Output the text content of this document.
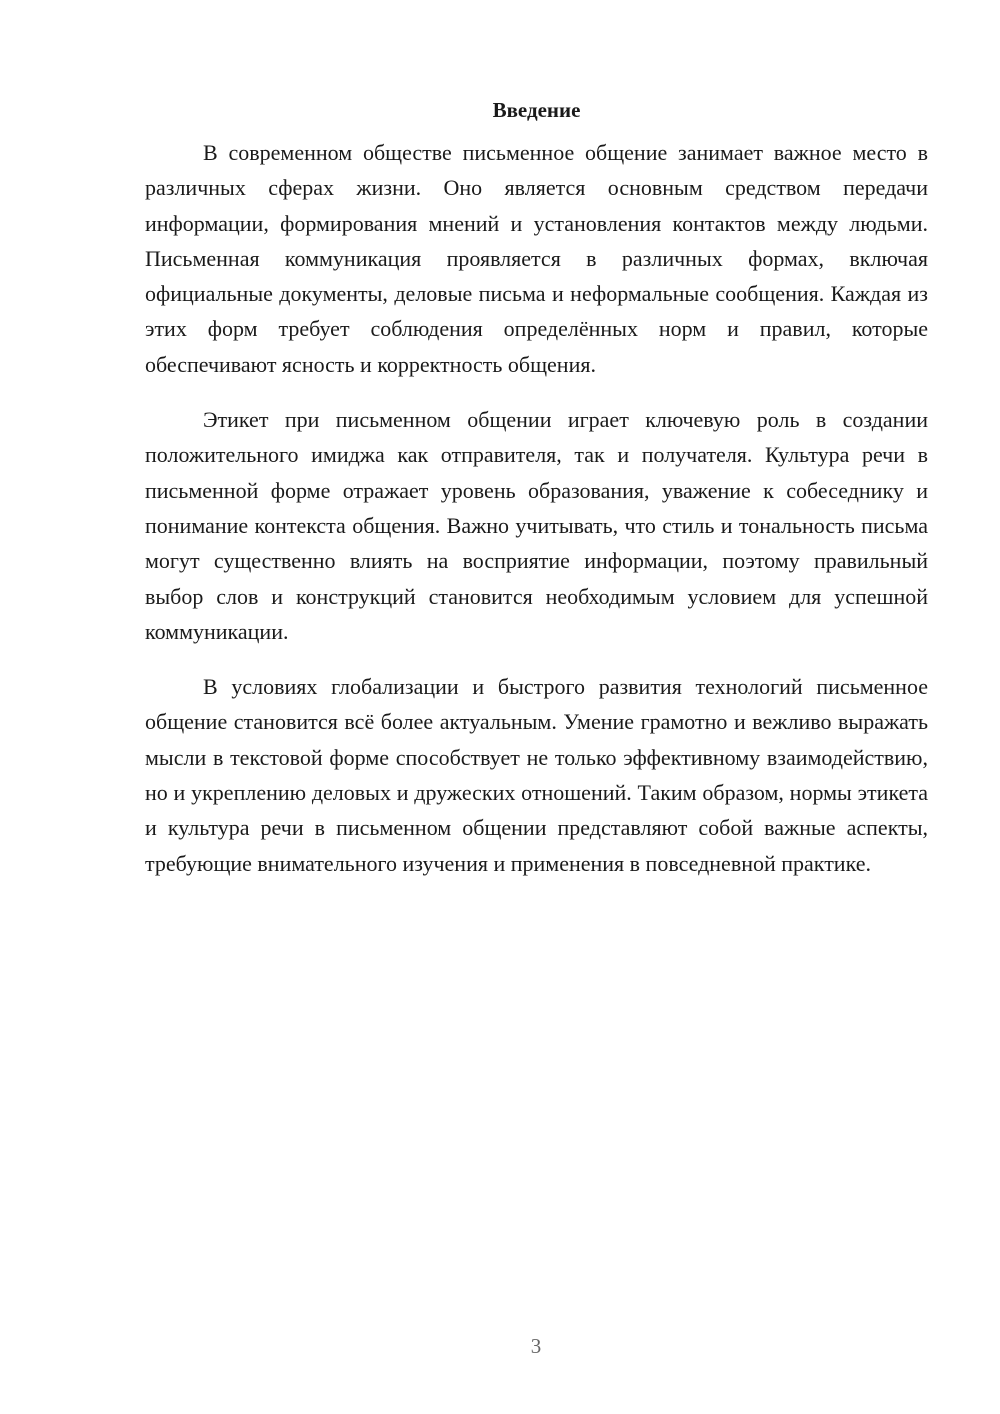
Введение

В современном обществе письменное общение занимает важное место в различных сферах жизни. Оно является основным средством передачи информации, формирования мнений и установления контактов между людьми. Письменная коммуникация проявляется в различных формах, включая официальные документы, деловые письма и неформальные сообщения. Каждая из этих форм требует соблюдения определённых норм и правил, которые обеспечивают ясность и корректность общения.

Этикет при письменном общении играет ключевую роль в создании положительного имиджа как отправителя, так и получателя. Культура речи в письменной форме отражает уровень образования, уважение к собеседнику и понимание контекста общения. Важно учитывать, что стиль и тональность письма могут существенно влиять на восприятие информации, поэтому правильный выбор слов и конструкций становится необходимым условием для успешной коммуникации.

В условиях глобализации и быстрого развития технологий письменное общение становится всё более актуальным. Умение грамотно и вежливо выражать мысли в текстовой форме способствует не только эффективному взаимодействию, но и укреплению деловых и дружеских отношений. Таким образом, нормы этикета и культура речи в письменном общении представляют собой важные аспекты, требующие внимательного изучения и применения в повседневной практике.

3
